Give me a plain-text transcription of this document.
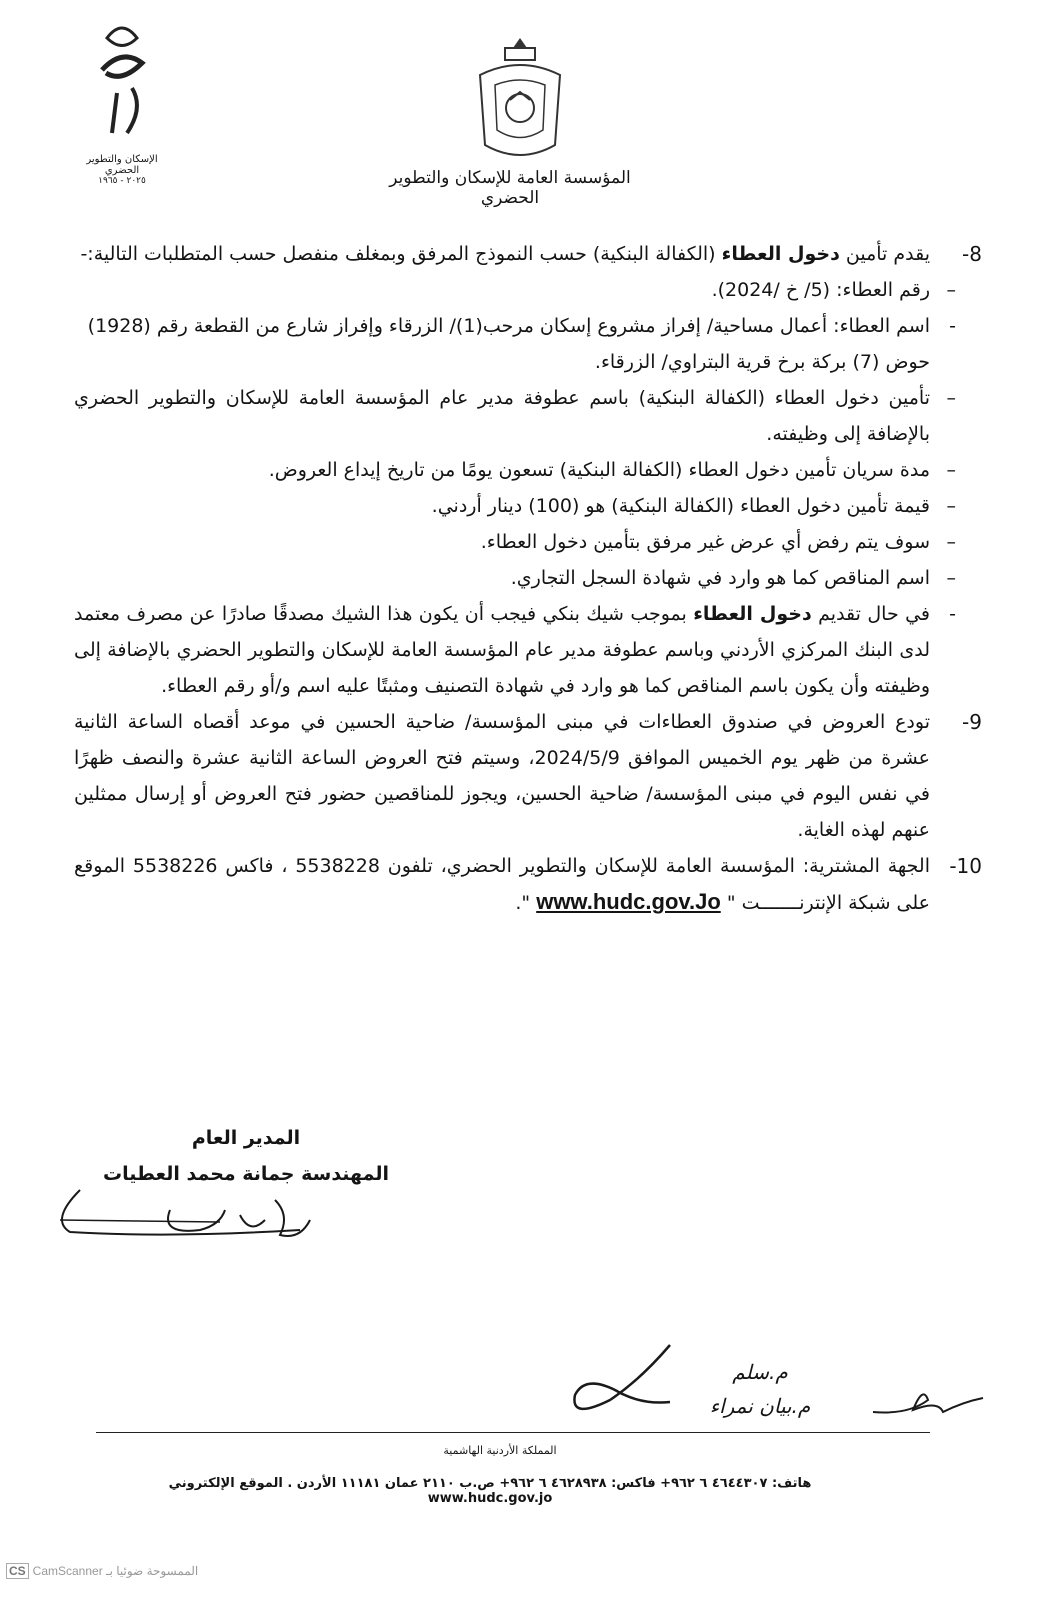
الإسكان والتطوير الحضري
٢٠٢٥ - ١٩٦٥	المؤسسة العامة للإسكان والتطوير الحضري
-8
يقدم تأمين دخول العطاء (الكفالة البنكية) حسب النموذج المرفق وبمغلف منفصل حسب المتطلبات التالية:-
–
رقم العطاء: (5/ خ /2024).
-
اسم العطاء: أعمال مساحية/ إفراز مشروع إسكان مرحب(1)/ الزرقاء وإفراز شارع من القطعة رقم (1928) حوض (7) بركة برخ قرية البتراوي/ الزرقاء.
–
تأمين دخول العطاء (الكفالة البنكية) باسم عطوفة مدير عام المؤسسة العامة للإسكان والتطوير الحضري بالإضافة إلى وظيفته.
–
مدة سريان تأمين دخول العطاء (الكفالة البنكية) تسعون يومًا من تاريخ إيداع العروض.
–
قيمة تأمين دخول العطاء (الكفالة البنكية) هو (100) دينار أردني.
–
سوف يتم رفض أي عرض غير مرفق بتأمين دخول العطاء.
–
اسم المناقص كما هو وارد في شهادة السجل التجاري.
-
في حال تقديم دخول العطاء بموجب شيك بنكي فيجب أن يكون هذا الشيك مصدقًا صادرًا عن مصرف معتمد لدى البنك المركزي الأردني وباسم عطوفة مدير عام المؤسسة العامة للإسكان والتطوير الحضري بالإضافة إلى وظيفته وأن يكون باسم المناقص كما هو وارد في شهادة التصنيف ومثبتًا عليه اسم و/أو رقم العطاء.
-9
تودع العروض في صندوق العطاءات في مبنى المؤسسة/ ضاحية الحسين في موعد أقصاه الساعة الثانية عشرة من ظهر يوم الخميس الموافق 2024/5/9، وسيتم فتح العروض الساعة الثانية عشرة والنصف ظهرًا في نفس اليوم في مبنى المؤسسة/ ضاحية الحسين، ويجوز للمناقصين حضور فتح العروض أو إرسال ممثلين عنهم لهذه الغاية.
-10
الجهة المشترية: المؤسسة العامة للإسكان والتطوير الحضري، تلفون 5538228 ، فاكس 5538226 الموقع على شبكة الإنترنـــــــت " www.hudc.gov.Jo ".
المدير العام
المهندسة جمانة محمد العطيات
م.سلم
م.بيان نمراء
المملكة الأردنية الهاشمية
هاتف: ٤٦٤٤٣٠٧ ٦ ٩٦٢+ فاكس: ٤٦٢٨٩٣٨ ٦ ٩٦٢+ ص.ب ٢١١٠ عمان ١١١٨١ الأردن . الموقع الإلكتروني www.hudc.gov.jo
CS CamScanner الممسوحة ضوئيا بـ
